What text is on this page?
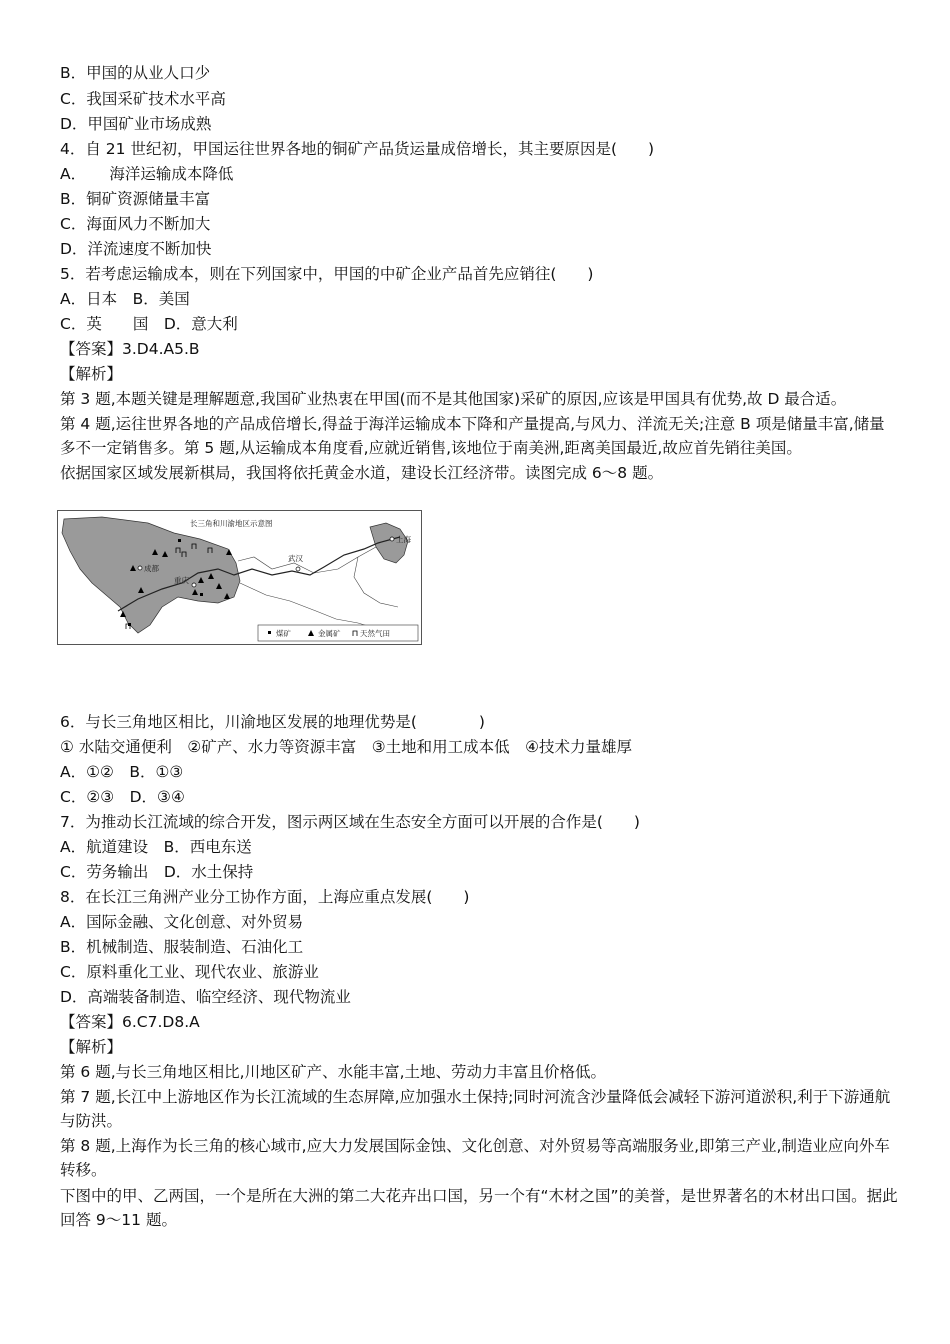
B．甲国的从业人口少
C．我国采矿技术水平高
D．甲国矿业市场成熟
4．自 21 世纪初，甲国运往世界各地的铜矿产品货运量成倍增长，其主要原因是(　　)
A．　　海洋运输成本降低
B．铜矿资源储量丰富
C．海面风力不断加大
D．洋流速度不断加快
5．若考虑运输成本，则在下列国家中，甲国的中矿企业产品首先应销往(　　)
A．日本　B．美国
C．英　　国　D．意大利
【答案】3.D4.A5.B
【解析】
第 3 题,本题关键是理解题意,我国矿业热衷在甲国(而不是其他国家)采矿的原因,应该是甲国具有优势,故 D 最合适。
第 4 题,运往世界各地的产品成倍增长,得益于海洋运输成本下降和产量提高,与风力、洋流无关;注意 B 项是储量丰富,储量多不一定销售多。第 5 题,从运输成本角度看,应就近销售,该地位于南美洲,距离美国最近,故应首先销往美国。
依据国家区域发展新棋局，我国将依托黄金水道，建设长江经济带。读图完成 6～8 题。
长三角和川渝地区示意图
成都
重庆
武汉
上海
煤矿	金属矿	天然气田
6．与长三角地区相比，川渝地区发展的地理优势是(　　　　)
① 水陆交通便利　②矿产、水力等资源丰富　③土地和用工成本低　④技术力量雄厚
A．①②　B．①③
C．②③　D．③④
7．为推动长江流域的综合开发，图示两区域在生态安全方面可以开展的合作是(　　)
A．航道建设　B．西电东送
C．劳务输出　D．水土保持
8．在长江三角洲产业分工协作方面，上海应重点发展(　　)
A．国际金融、文化创意、对外贸易
B．机械制造、服装制造、石油化工
C．原料重化工业、现代农业、旅游业
D．高端装备制造、临空经济、现代物流业
【答案】6.C7.D8.A
【解析】
第 6 题,与长三角地区相比,川地区矿产、水能丰富,土地、劳动力丰富且价格低。
第 7 题,长江中上游地区作为长江流域的生态屏障,应加强水土保持;同时河流含沙量降低会减轻下游河道淤积,利于下游通航与防洪。
第 8 题,上海作为长三角的核心域市,应大力发展国际金蚀、文化创意、对外贸易等高端服务业,即第三产业,制造业应向外车转移。
下图中的甲、乙两国，一个是所在大洲的第二大花卉出口国，另一个有“木材之国”的美誉，是世界著名的木材出口国。据此回答 9～11 题。
